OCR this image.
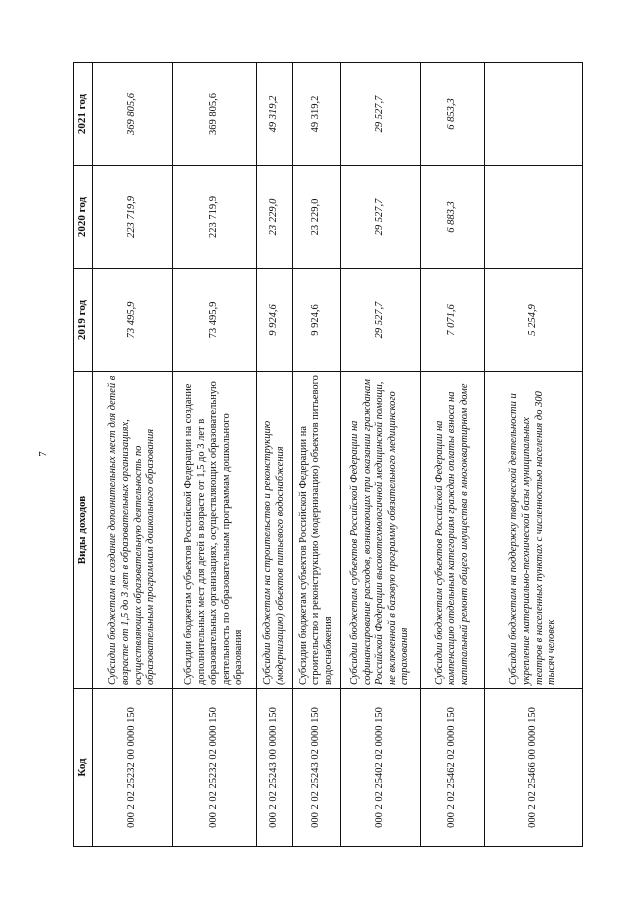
7
Код	Виды доходов	2019 год	2020 год	2021 год
000 2 02 25232 00 0000 150	Субсидии бюджетам на создание дополнительных мест для детей в возрасте от 1,5 до 3 лет в образовательных организациях, осуществляющих образовательную деятельность по образовательным программам дошкольного образования	73 495,9	223 719,9	369 805,6
000 2 02 25232 02 0000 150	Субсидии бюджетам субъектов Российской Федерации на создание дополнительных мест для детей в возрасте от 1,5 до 3 лет в образовательных организациях, осуществляющих образовательную деятельность по образовательным программам дошкольного образования	73 495,9	223 719,9	369 805,6
000 2 02 25243 00 0000 150	Субсидии бюджетам на строительство и реконструкцию (модернизацию) объектов питьевого водоснабжения	9 924,6	23 229,0	49 319,2
000 2 02 25243 02 0000 150	Субсидии бюджетам субъектов Российской Федерации на строительство и реконструкцию (модернизацию) объектов питьевого водоснабжения	9 924,6	23 229,0	49 319,2
000 2 02 25402 02 0000 150	Субсидии бюджетам субъектов Российской Федерации на софинансирование расходов, возникающих при оказании гражданам Российской Федерации высокотехнологичной медицинской помощи, не включенной в базовую программу обязательного медицинского страхования	29 527,7	29 527,7	29 527,7
000 2 02 25462 02 0000 150	Субсидии бюджетам субъектов Российской Федерации на компенсацию отдельным категориям граждан оплаты взноса на капитальный ремонт общего имущества в многоквартирном доме	7 071,6	6 883,3	6 853,3
000 2 02 25466 00 0000 150	Субсидии бюджетам на поддержку творческой деятельности и укрепление материально-технической базы муниципальных театров в населенных пунктах с численностью населения до 300 тысяч человек	5 254,9		
